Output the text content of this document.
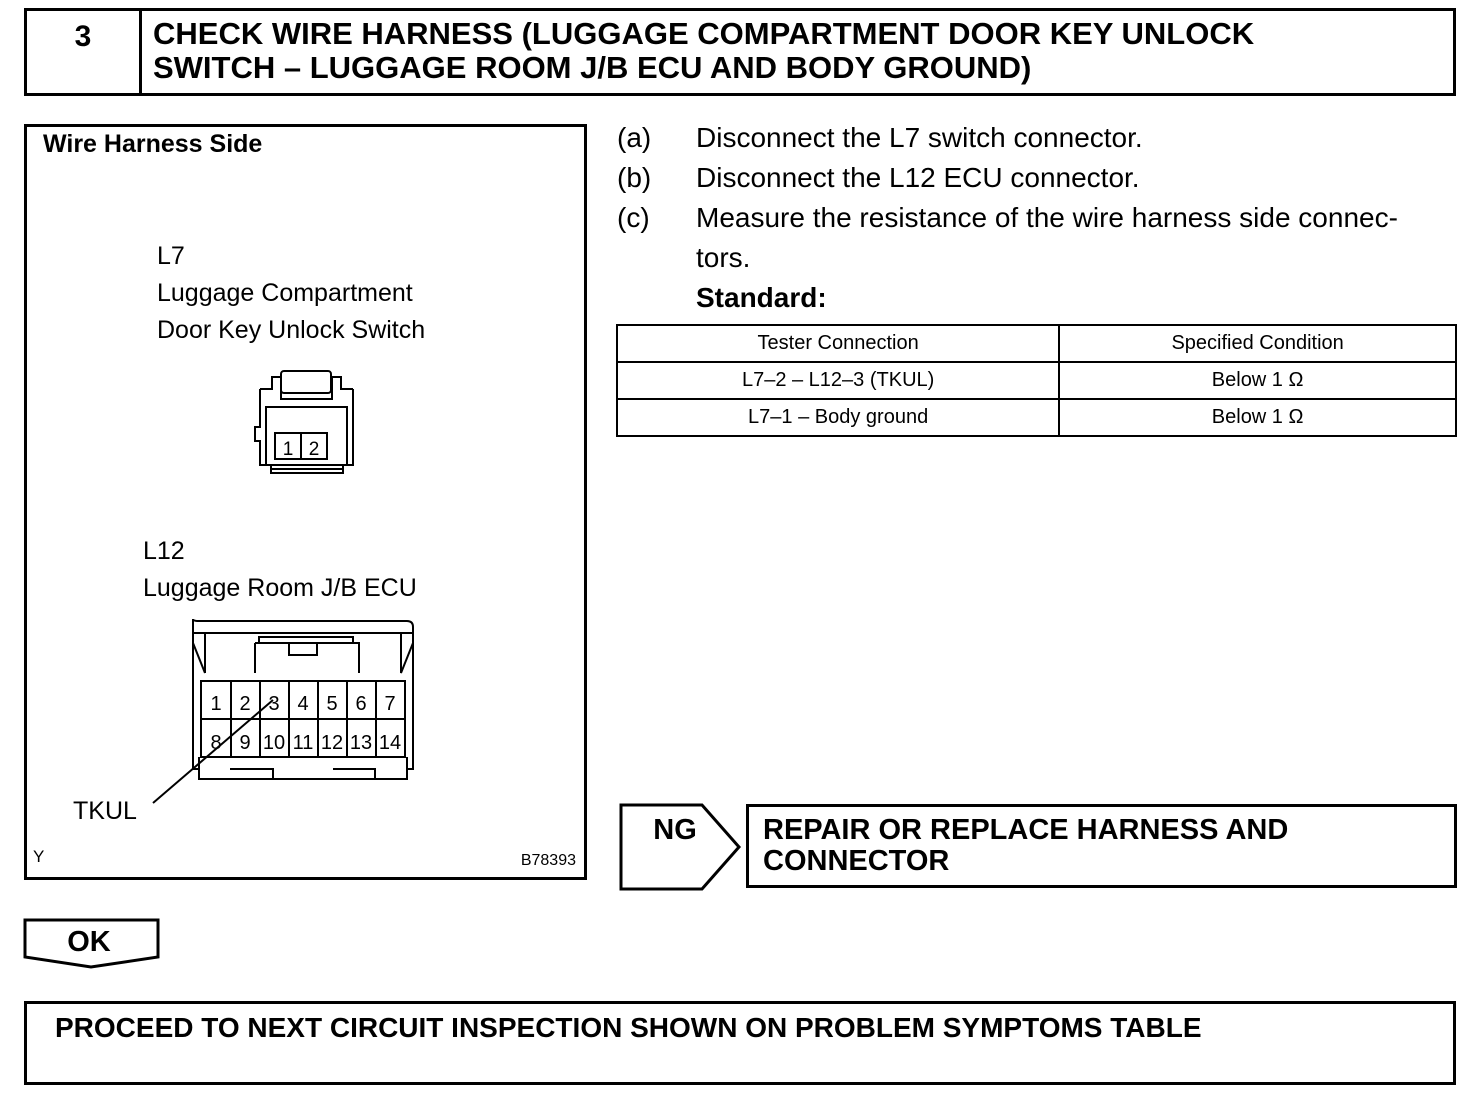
3	CHECK WIRE HARNESS (LUGGAGE COMPARTMENT DOOR KEY UNLOCK
SWITCH – LUGGAGE ROOM J/B ECU AND BODY GROUND)
Wire Harness Side
1 2
1 2 3 4 5 6 7
8 9 10 11 12 13 14
L7
Luggage Compartment
Door Key Unlock Switch
L12
Luggage Room J/B ECU
TKUL
Y	B78393
(a) Disconnect the L7 switch connector.
(b) Disconnect the L12 ECU connector.
(c) Measure the resistance of the wire harness side connec-
tors.
Standard:
Tester Connection	Specified Condition
L7–2 – L12–3 (TKUL)	Below 1 Ω
L7–1 – Body ground	Below 1 Ω
NG REPAIR OR REPLACE HARNESS AND
CONNECTOR
OK
PROCEED TO NEXT CIRCUIT INSPECTION SHOWN ON PROBLEM SYMPTOMS TABLE
